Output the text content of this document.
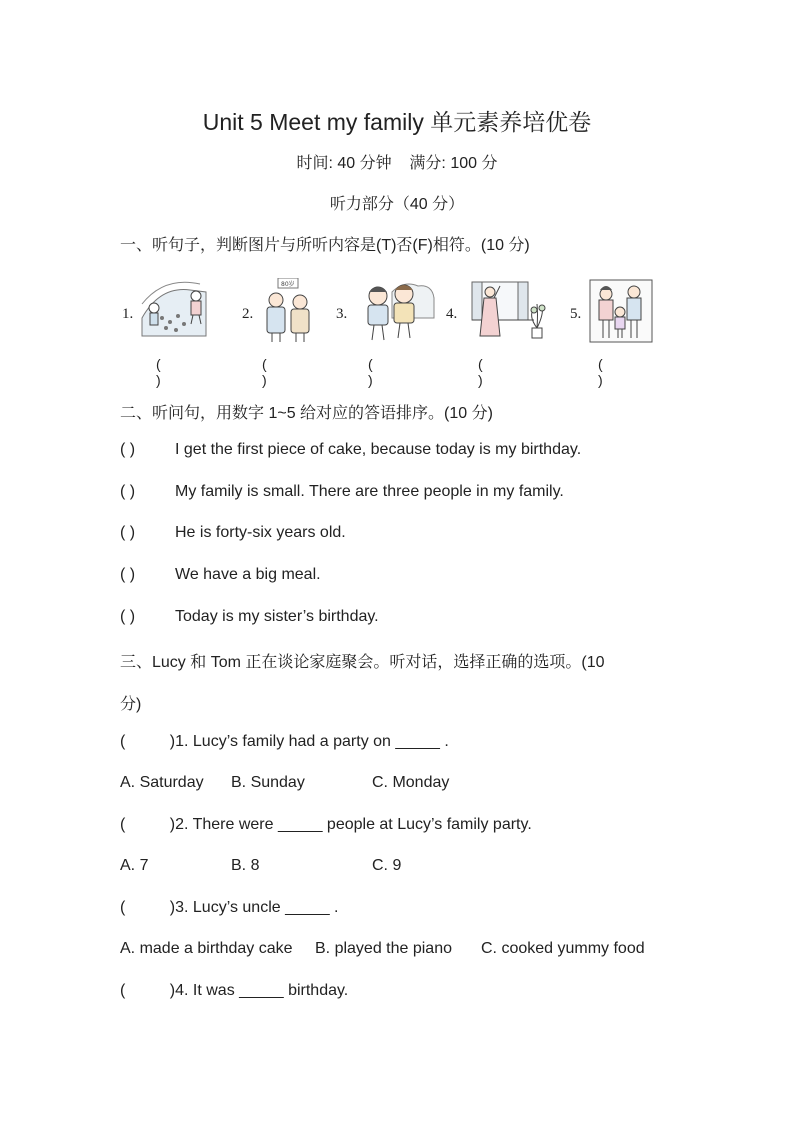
Unit 5 Meet my family 单元素养培优卷
时间: 40 分钟    满分: 100 分
听力部分（40 分）
一、听句子，判断图片与所听内容是(T)否(F)相符。(10 分)
1.
( )
2.
80岁
( )
3.
( )
4.
( )
5.
( )
二、听问句，用数字 1~5 给对应的答语排序。(10 分)
( ) I get the first piece of cake, because today is my birthday.
( ) My family is small. There are three people in my family.
( ) He is forty-six years old.
( ) We have a big meal.
( ) Today is my sister’s birthday.
三、Lucy 和 Tom 正在谈论家庭聚会。听对话，选择正确的选项。(10
分)
(          )1. Lucy’s family had a party on _____ .
A. Saturday B. Sunday	C. Monday
(          )2. There were _____ people at Lucy’s family party.
A. 7	B. 8	C. 9
(          )3. Lucy’s uncle _____ .
A. made a birthday cake B. played the piano C. cooked yummy food
(          )4. It was _____ birthday.
